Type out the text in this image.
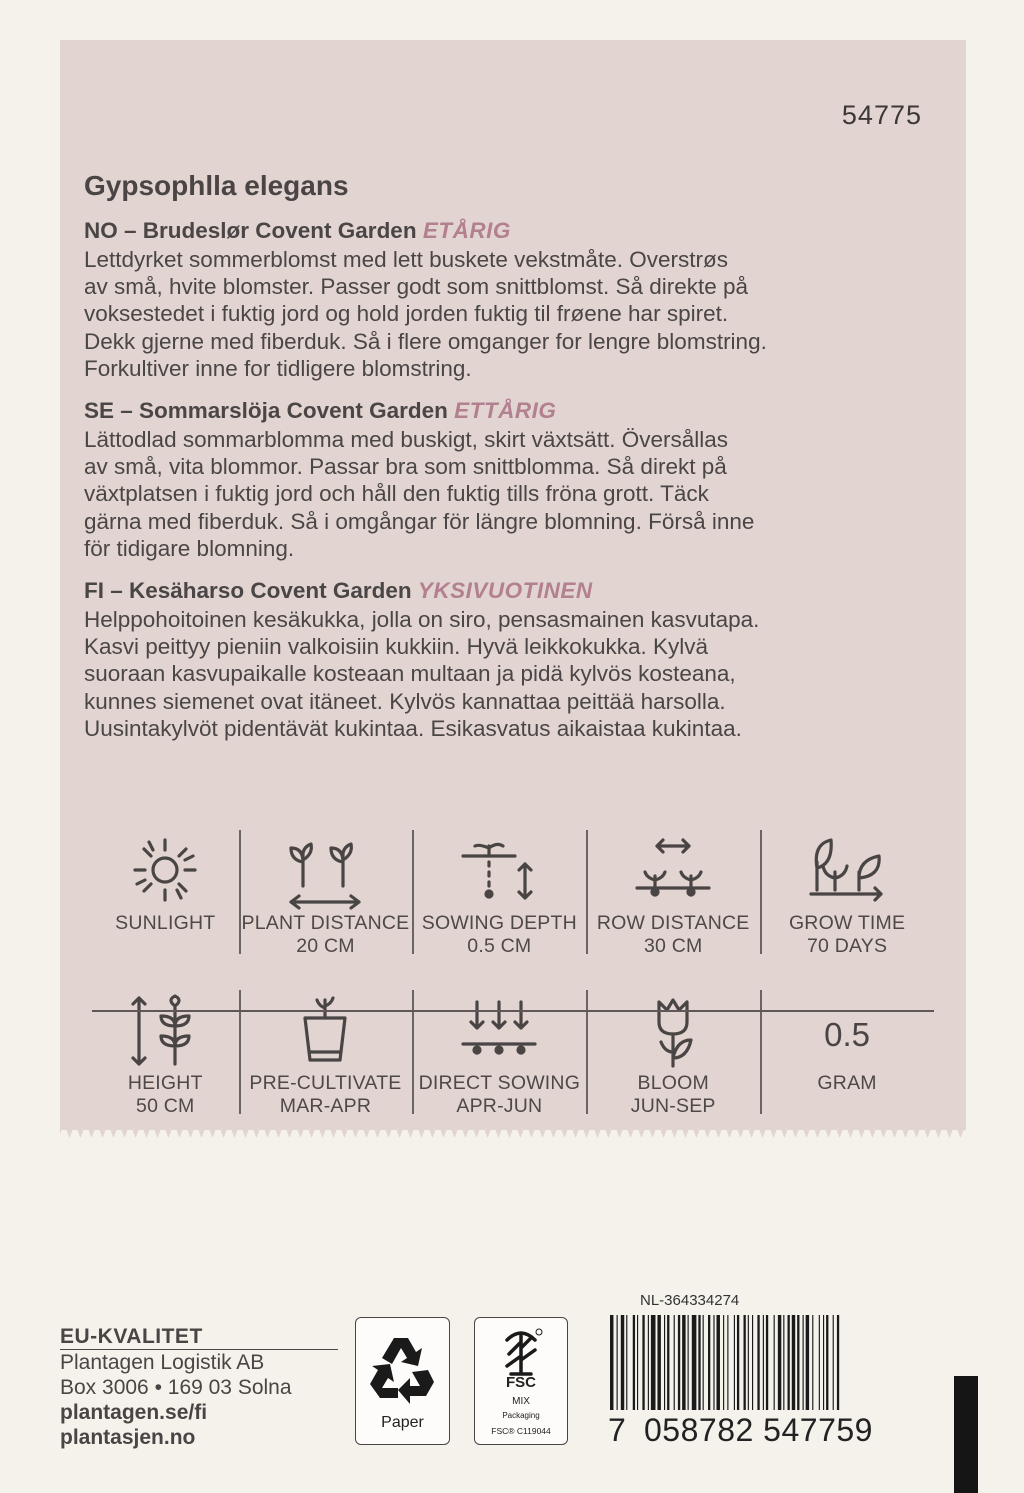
54775
Gypsophlla elegans
NO – Brudeslør Covent Garden ETÅRIG
Lettdyrket sommerblomst med lett buskete vekstmåte. Overstrøs
av små, hvite blomster. Passer godt som snittblomst. Så direkte på
voksestedet i fuktig jord og hold jorden fuktig til frøene har spiret.
Dekk gjerne med fiberduk. Så i flere omganger for lengre blomstring.
Forkultiver inne for tidligere blomstring.
SE – Sommarslöja Covent Garden ETTÅRIG
Lättodlad sommarblomma med buskigt, skirt växtsätt. Översållas
av små, vita blommor. Passar bra som snittblomma. Så direkt på
växtplatsen i fuktig jord och håll den fuktig tills fröna grott. Täck
gärna med fiberduk. Så i omgångar för längre blomning. Förså inne
för tidigare blomning.
FI – Kesäharso Covent Garden YKSIVUOTINEN
Helppohoitoinen kesäkukka, jolla on siro, pensasmainen kasvutapa.
Kasvi peittyy pieniin valkoisiin kukkiin. Hyvä leikkokukka. Kylvä
suoraan kasvupaikalle kosteaan multaan ja pidä kylvös kosteana,
kunnes siemenet ovat itäneet. Kylvös kannattaa peittää harsolla.
Uusintakylvöt pidentävät kukintaa. Esikasvatus aikaistaa kukintaa.
SUNLIGHT	PLANT DISTANCE
20 CM
SOWING DEPTH
0.5 CM
ROW DISTANCE
30 CM
GROW TIME
70 DAYS
HEIGHT
50 CM
PRE-CULTIVATE
MAR-APR
DIRECT SOWING
APR-JUN
BLOOM
JUN-SEP
0.5
GRAM
EU-KVALITET
Plantagen Logistik AB
Box 3006 • 169 03 Solna
plantagen.se/fi
plantasjen.no
Paper
FSC
MIX
Packaging
FSC® C119044
NL-364334274
7 058782 547759
